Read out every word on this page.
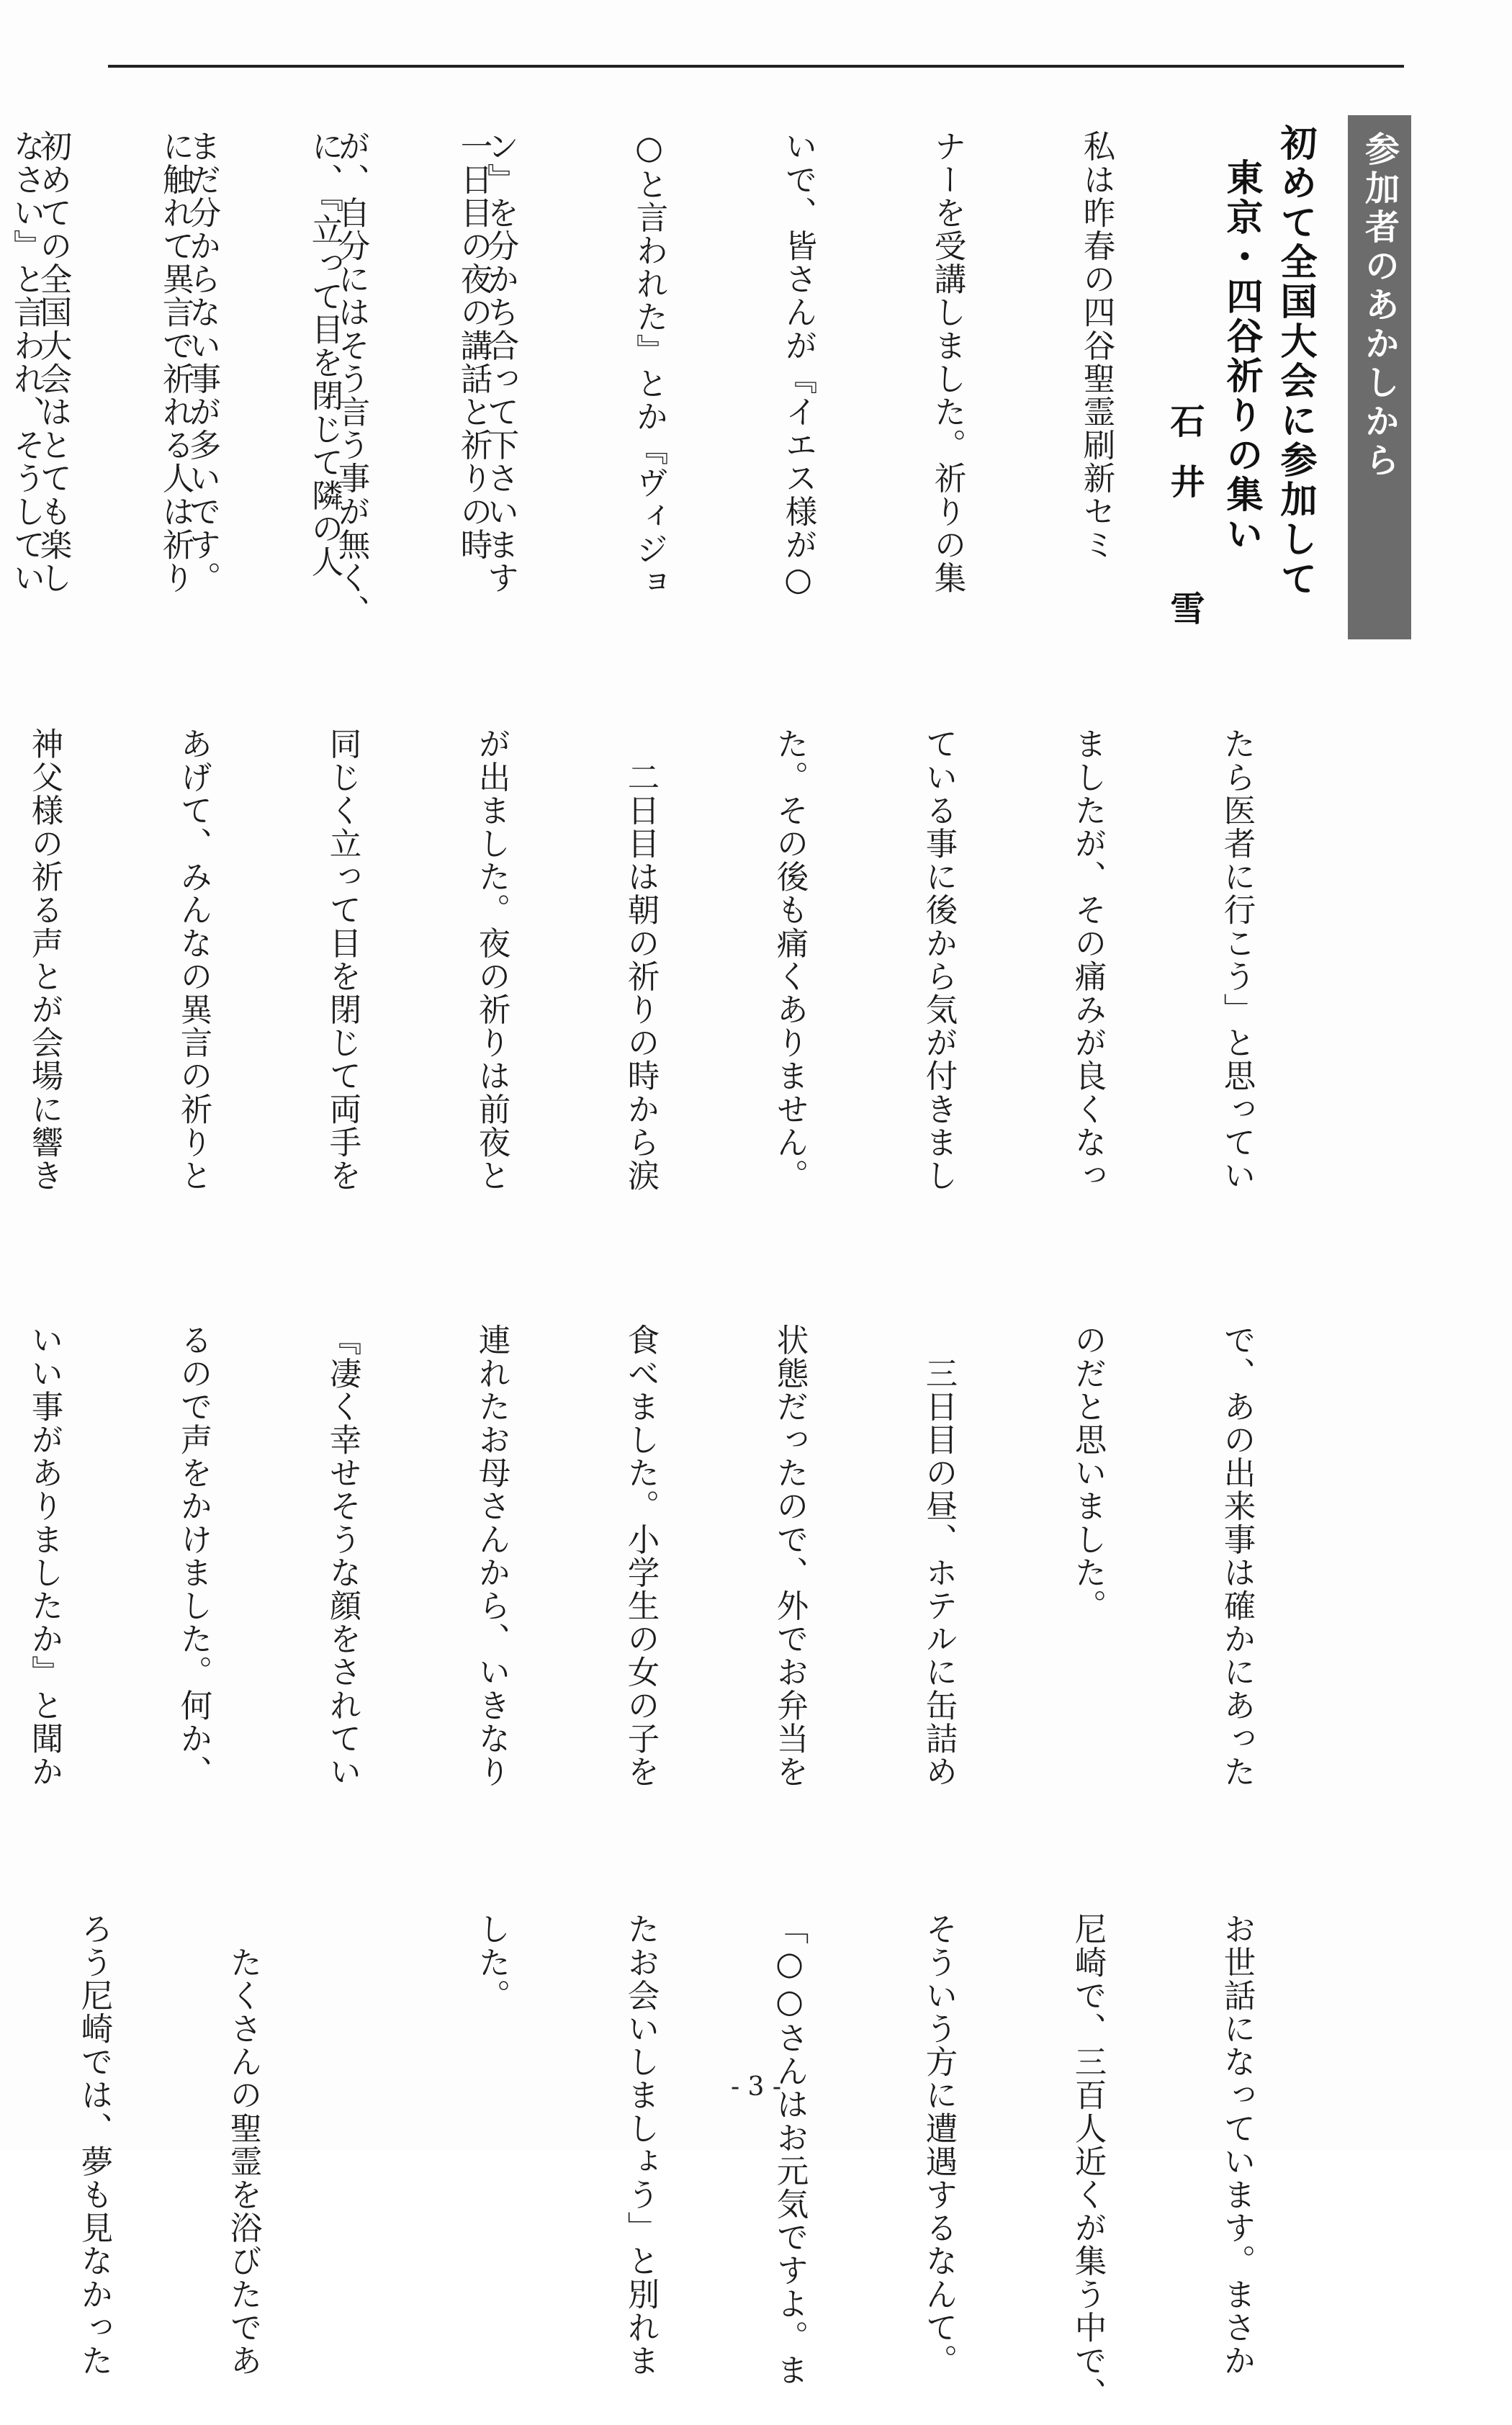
参加者のあかしから
初めて全国大会に参加して
東京・四谷祈りの集い
石井 雪

私は昨春の四谷聖霊刷新セミ

ナーを受講しました。祈りの集

いで、皆さんが『イエス様が○

○と言われた』とか『ヴィジョ

ン』を分かち合って下さいます

が、自分にはそう言う事が無く、

まだ分からない事が多いです。

初めての全国大会はとても楽し

	一日目の夜の講話と祈りの時

に、『立って目を閉じて隣の人

に触れて異言で祈れる人は祈り

なさい』と言われ、そうしてい

たら医者に行こう」と思ってい

ましたが、その痛みが良くなっ

ている事に後から気が付きまし

た。その後も痛くありません。

　二日目は朝の祈りの時から涙

が出ました。夜の祈りは前夜と

同じく立って目を閉じて両手を

あげて、みんなの異言の祈りと

神父様の祈る声とが会場に響き

で、あの出来事は確かにあった

のだと思いました。

　三日目の昼、ホテルに缶詰め

状態だったので、外でお弁当を

食べました。小学生の女の子を

連れたお母さんから、いきなり

『凄く幸せそうな顔をされてい

るので声をかけました。何か、

いい事がありましたか』と聞か

お世話になっています。まさか

尼崎で、三百人近くが集う中で、

そういう方に遭遇するなんて。

「○○さんはお元気ですよ。ま

たお会いしましょう」と別れま

した。

　たくさんの聖霊を浴びたであ

ろう尼崎では、夢も見なかった

	- 3 -
